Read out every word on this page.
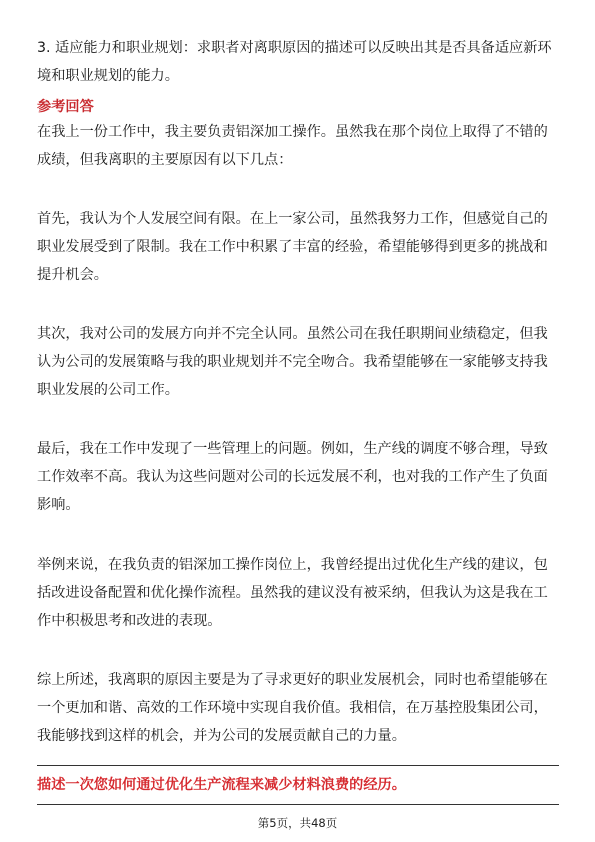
3. 适应能力和职业规划：求职者对离职原因的描述可以反映出其是否具备适应新环境和职业规划的能力。
参考回答
在我上一份工作中，我主要负责铝深加工操作。虽然我在那个岗位上取得了不错的成绩，但我离职的主要原因有以下几点：
首先，我认为个人发展空间有限。在上一家公司，虽然我努力工作，但感觉自己的职业发展受到了限制。我在工作中积累了丰富的经验，希望能够得到更多的挑战和提升机会。
其次，我对公司的发展方向并不完全认同。虽然公司在我任职期间业绩稳定，但我认为公司的发展策略与我的职业规划并不完全吻合。我希望能够在一家能够支持我职业发展的公司工作。
最后，我在工作中发现了一些管理上的问题。例如，生产线的调度不够合理，导致工作效率不高。我认为这些问题对公司的长远发展不利，也对我的工作产生了负面影响。
举例来说，在我负责的铝深加工操作岗位上，我曾经提出过优化生产线的建议，包括改进设备配置和优化操作流程。虽然我的建议没有被采纳，但我认为这是我在工作中积极思考和改进的表现。
综上所述，我离职的原因主要是为了寻求更好的职业发展机会，同时也希望能够在一个更加和谐、高效的工作环境中实现自我价值。我相信，在万基控股集团公司，我能够找到这样的机会，并为公司的发展贡献自己的力量。
描述一次您如何通过优化生产流程来减少材料浪费的经历。
第5页，共48页
